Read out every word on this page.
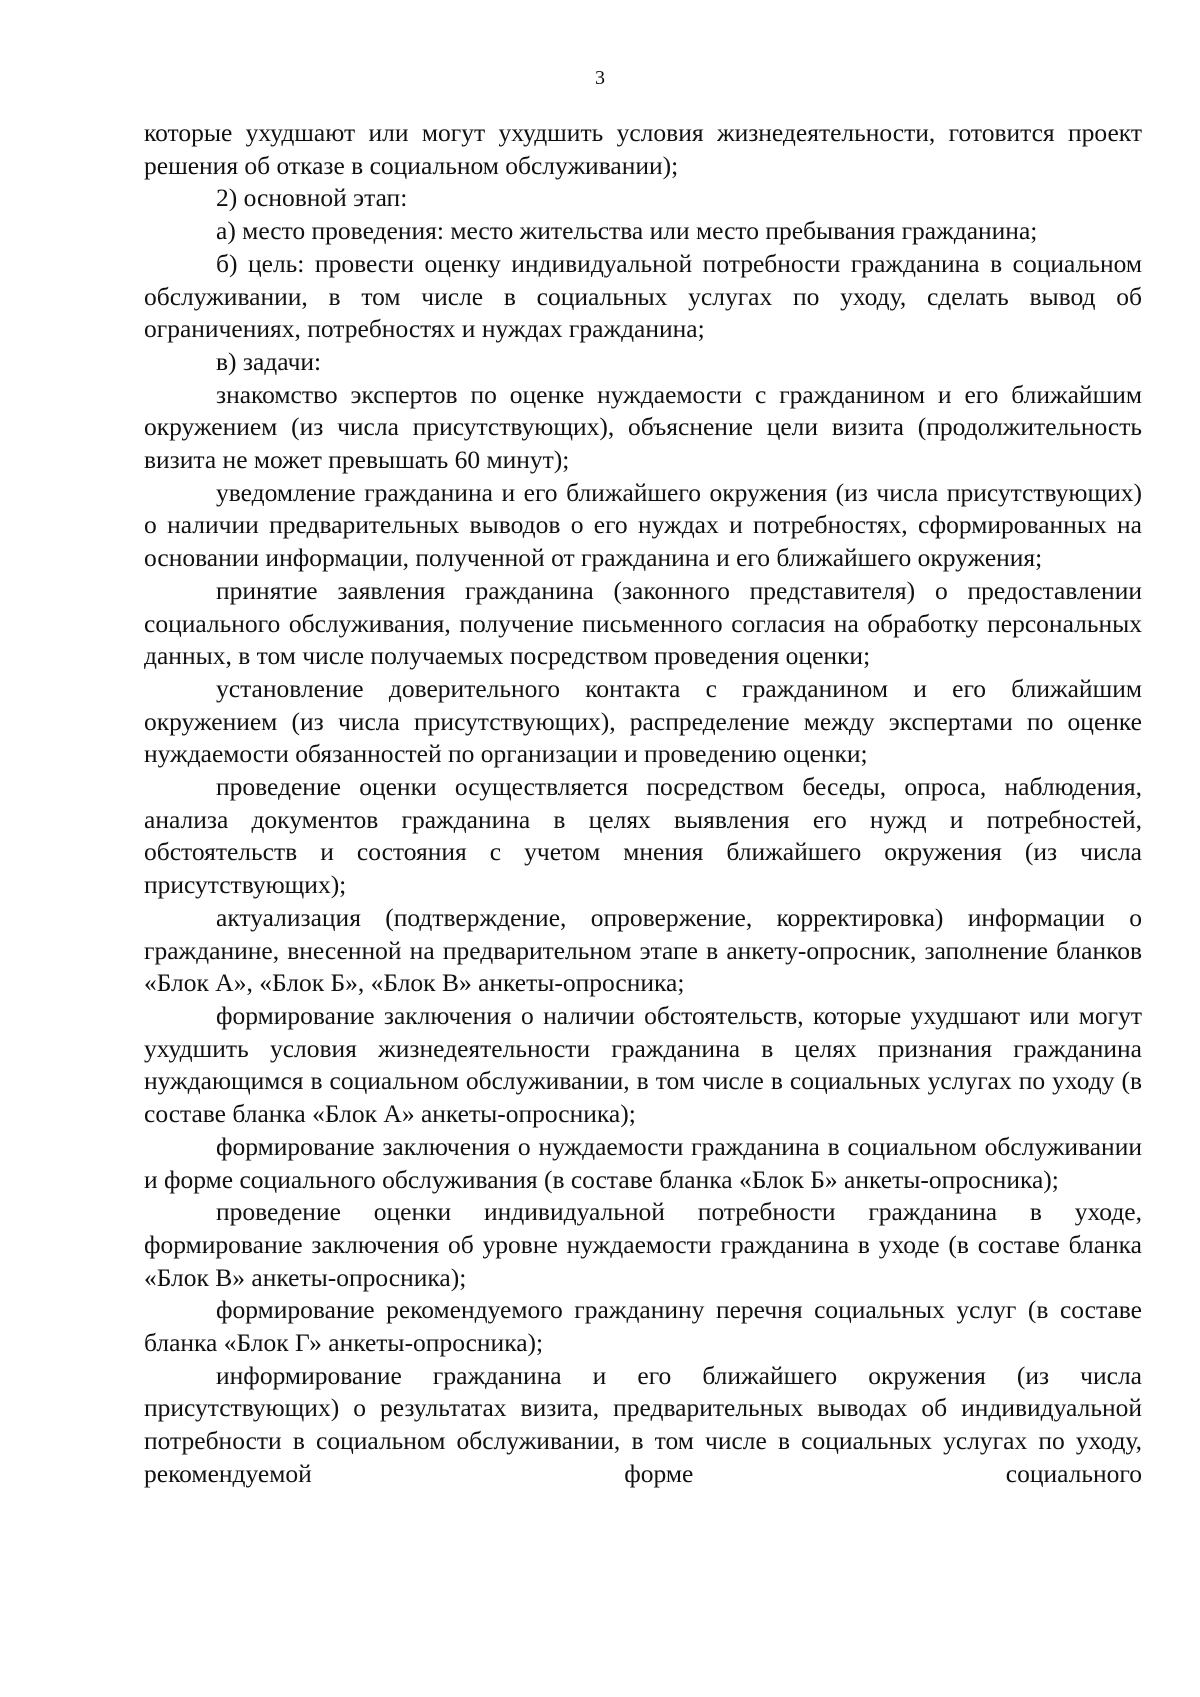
3

которые ухудшают или могут ухудшить условия жизнедеятельности, готовится проект решения об отказе в социальном обслуживании);

2) основной этап:

а) место проведения: место жительства или место пребывания гражданина;

б) цель: провести оценку индивидуальной потребности гражданина в социальном обслуживании, в том числе в социальных услугах по уходу, сделать вывод об ограничениях, потребностях и нуждах гражданина;

в) задачи:

знакомство экспертов по оценке нуждаемости с гражданином и его ближайшим окружением (из числа присутствующих), объяснение цели визита (продолжительность визита не может превышать 60 минут);

уведомление гражданина и его ближайшего окружения (из числа присутствующих) о наличии предварительных выводов о его нуждах и потребностях, сформированных на основании информации, полученной от гражданина и его ближайшего окружения;

принятие заявления гражданина (законного представителя) о предоставлении социального обслуживания, получение письменного согласия на обработку персональных данных, в том числе получаемых посредством проведения оценки;

установление доверительного контакта с гражданином и его ближайшим окружением (из числа присутствующих), распределение между экспертами по оценке нуждаемости обязанностей по организации и проведению оценки;

проведение оценки осуществляется посредством беседы, опроса, наблюдения, анализа документов гражданина в целях выявления его нужд и потребностей, обстоятельств и состояния с учетом мнения ближайшего окружения (из числа присутствующих);

актуализация (подтверждение, опровержение, корректировка) информации о гражданине, внесенной на предварительном этапе в анкету-опросник, заполнение бланков «Блок А», «Блок Б», «Блок В» анкеты-опросника;

формирование заключения о наличии обстоятельств, которые ухудшают или могут ухудшить условия жизнедеятельности гражданина в целях признания гражданина нуждающимся в социальном обслуживании, в том числе в социальных услугах по уходу (в составе бланка «Блок А» анкеты-опросника);

формирование заключения о нуждаемости гражданина в социальном обслуживании и форме социального обслуживания (в составе бланка «Блок Б» анкеты-опросника);

проведение оценки индивидуальной потребности гражданина в уходе, формирование заключения об уровне нуждаемости гражданина в уходе (в составе бланка «Блок В» анкеты-опросника);

формирование рекомендуемого гражданину перечня социальных услуг (в составе бланка «Блок Г» анкеты-опросника);

информирование гражданина и его ближайшего окружения (из числа присутствующих) о результатах визита, предварительных выводах об индивидуальной потребности в социальном обслуживании, в том числе в социальных услугах по уходу, рекомендуемой форме социального
